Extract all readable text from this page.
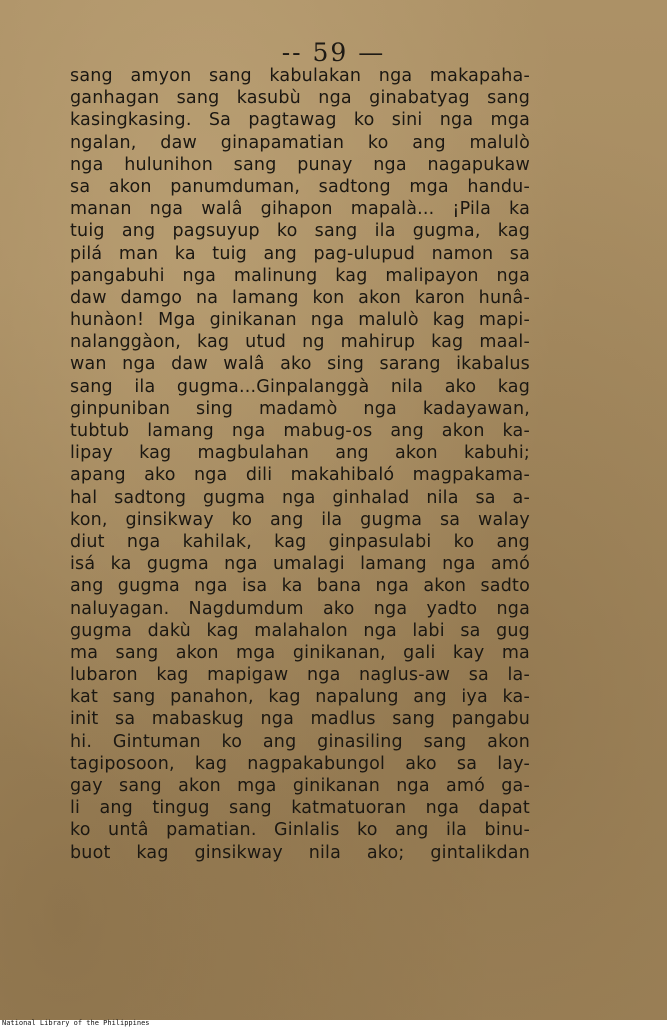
-- 59 —
sang amyon sang kabulakan nga makapaha-
ganhagan sang kasubù nga ginabatyag sang
kasingkasing. Sa pagtawag ko sini nga mga
ngalan, daw ginapamatian ko ang malulò
nga hulunihon sang punay nga nagapukaw
sa akon panumduman, sadtong mga handu-
manan nga walâ gihapon mapalà... ¡Pila ka
tuig ang pagsuyup ko sang ila gugma, kag
pilá man ka tuig ang pag-ulupud namon sa
pangabuhi nga malinung kag malipayon nga
daw damgo na lamang kon akon karon hunâ-
hunàon! Mga ginikanan nga malulò kag mapi-
nalanggàon, kag utud ng mahirup kag maal-
wan nga daw walâ ako sing sarang ikabalus
sang ila gugma...Ginpalanggà nila ako kag
ginpuniban sing madamò nga kadayawan,
tubtub lamang nga mabug-os ang akon ka-
lipay kag magbulahan ang akon kabuhi;
apang ako nga dili makahibaló magpakama-
hal sadtong gugma nga ginhalad nila sa a-
kon, ginsikway ko ang ila gugma sa walay
diut nga kahilak, kag ginpasulabi ko ang
isá ka gugma nga umalagi lamang nga amó
ang gugma nga isa ka bana nga akon sadto
naluyagan. Nagdumdum ako nga yadto nga
gugma dakù kag malahalon nga labi sa gug
ma sang akon mga ginikanan, gali kay ma
lubaron kag mapigaw nga naglus-aw sa la-
kat sang panahon, kag napalung ang iya ka-
init sa mabaskug nga madlus sang pangabu
hi. Gintuman ko ang ginasiling sang akon
tagiposoon, kag nagpakabungol ako sa lay-
gay sang akon mga ginikanan nga amó ga-
li ang tingug sang katmatuoran nga dapat
ko untâ pamatian. Ginlalis ko ang ila binu-
buot kag ginsikway nila ako; gintalikdan
National Library of the Philippines
